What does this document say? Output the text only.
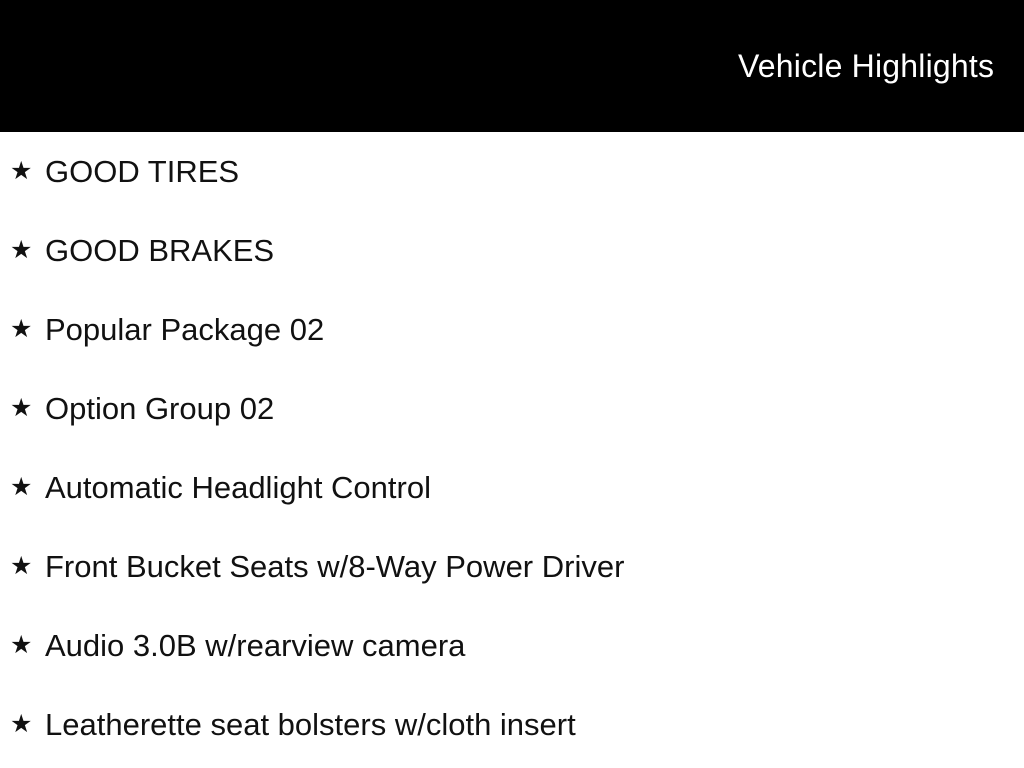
Vehicle Highlights
★ GOOD TIRES
★ GOOD BRAKES
★ Popular Package 02
★ Option Group 02
★ Automatic Headlight Control
★ Front Bucket Seats w/8-Way Power Driver
★ Audio 3.0B w/rearview camera
★ Leatherette seat bolsters w/cloth insert
